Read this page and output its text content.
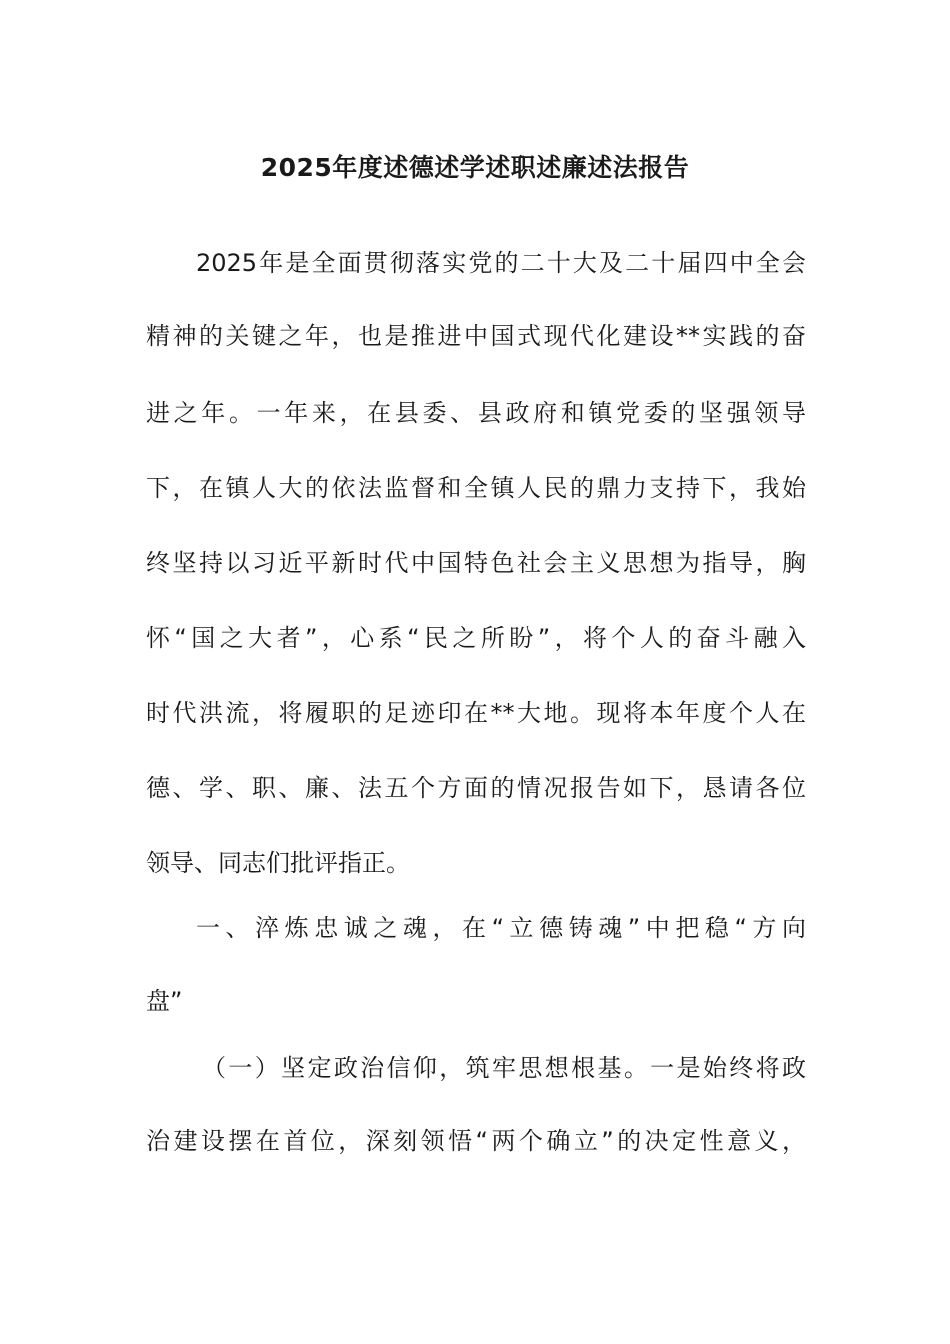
2025年度述德述学述职述廉述法报告

2025年是全面贯彻落实党的二十大及二十届四中全会

精神的关键之年，也是推进中国式现代化建设**实践的奋

进之年。一年来，在县委、县政府和镇党委的坚强领导

下，在镇人大的依法监督和全镇人民的鼎力支持下，我始

终坚持以习近平新时代中国特色社会主义思想为指导，胸

怀“国之大者”，心系“民之所盼”，将个人的奋斗融入

时代洪流，将履职的足迹印在**大地。现将本年度个人在

德、学、职、廉、法五个方面的情况报告如下，恳请各位

领导、同志们批评指正。

一、淬炼忠诚之魂，在“立德铸魂”中把稳“方向

盘”

（一）坚定政治信仰，筑牢思想根基。一是始终将政

治建设摆在首位，深刻领悟“两个确立”的决定性意义，
